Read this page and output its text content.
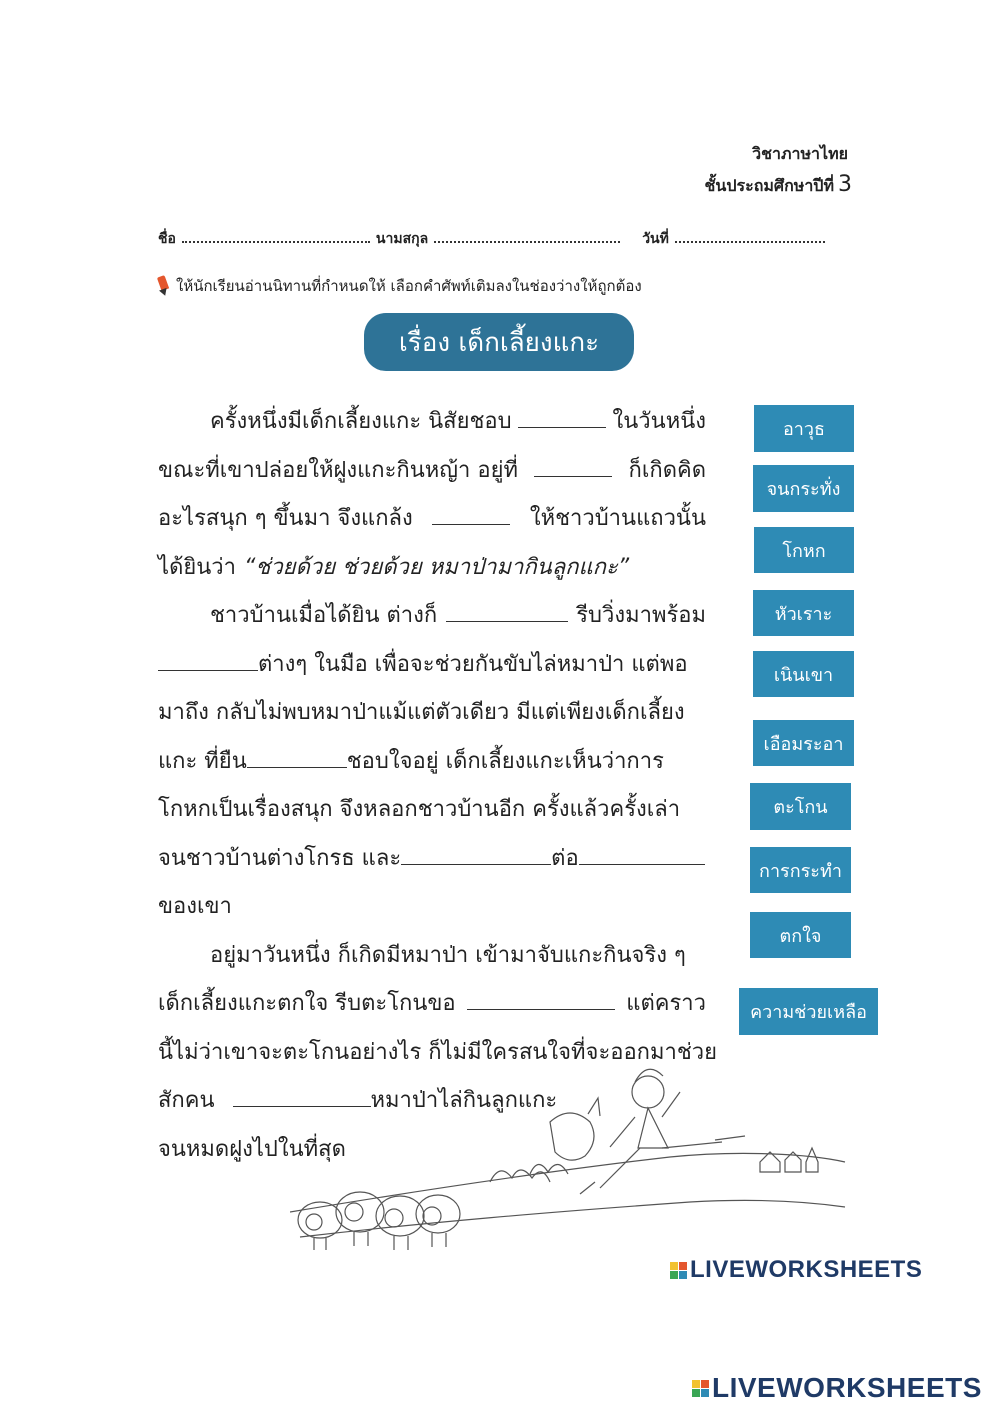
วิชาภาษาไทย
ชั้นประถมศึกษาปีที่ 3
ชื่อ	นามสกุล	วันที่
ให้นักเรียนอ่านนิทานที่กำหนดให้ เลือกคำศัพท์เติมลงในช่องว่างให้ถูกต้อง
เรื่อง เด็กเลี้ยงแกะ
ครั้งหนึ่งมีเด็กเลี้ยงแกะ นิสัยชอบ	ในวันหนึ่ง
ขณะที่เขาปล่อยให้ฝูงแกะกินหญ้า อยู่ที่	ก็เกิดคิด
อะไรสนุก ๆ ขึ้นมา จึงแกล้ง	ให้ชาวบ้านแถวนั้น
ได้ยินว่า “ช่วยด้วย ช่วยด้วย หมาป่ามากินลูกแกะ”
ชาวบ้านเมื่อได้ยิน ต่างก็	รีบวิ่งมาพร้อม
ต่างๆ ในมือ เพื่อจะช่วยกันขับไล่หมาป่า แต่พอ
มาถึง กลับไม่พบหมาป่าแม้แต่ตัวเดียว มีแต่เพียงเด็กเลี้ยง
แกะ ที่ยืน	ชอบใจอยู่ เด็กเลี้ยงแกะเห็นว่าการ
โกหกเป็นเรื่องสนุก จึงหลอกชาวบ้านอีก ครั้งแล้วครั้งเล่า
จนชาวบ้านต่างโกรธ และ	ต่อ
ของเขา
อยู่มาวันหนึ่ง ก็เกิดมีหมาป่า เข้ามาจับแกะกินจริง ๆ
เด็กเลี้ยงแกะตกใจ รีบตะโกนขอ	แต่คราว
นี้ไม่ว่าเขาจะตะโกนอย่างไร ก็ไม่มีใครสนใจที่จะออกมาช่วย
สักคน	หมาป่าไล่กินลูกแกะ
จนหมดฝูงไปในที่สุด
อาวุธ
จนกระทั่ง
โกหก
หัวเราะ
เนินเขา
เอือมระอา
ตะโกน
การกระทำ
ตกใจ
ความช่วยเหลือ
LIVEWORKSHEETS
LIVEWORKSHEETS
